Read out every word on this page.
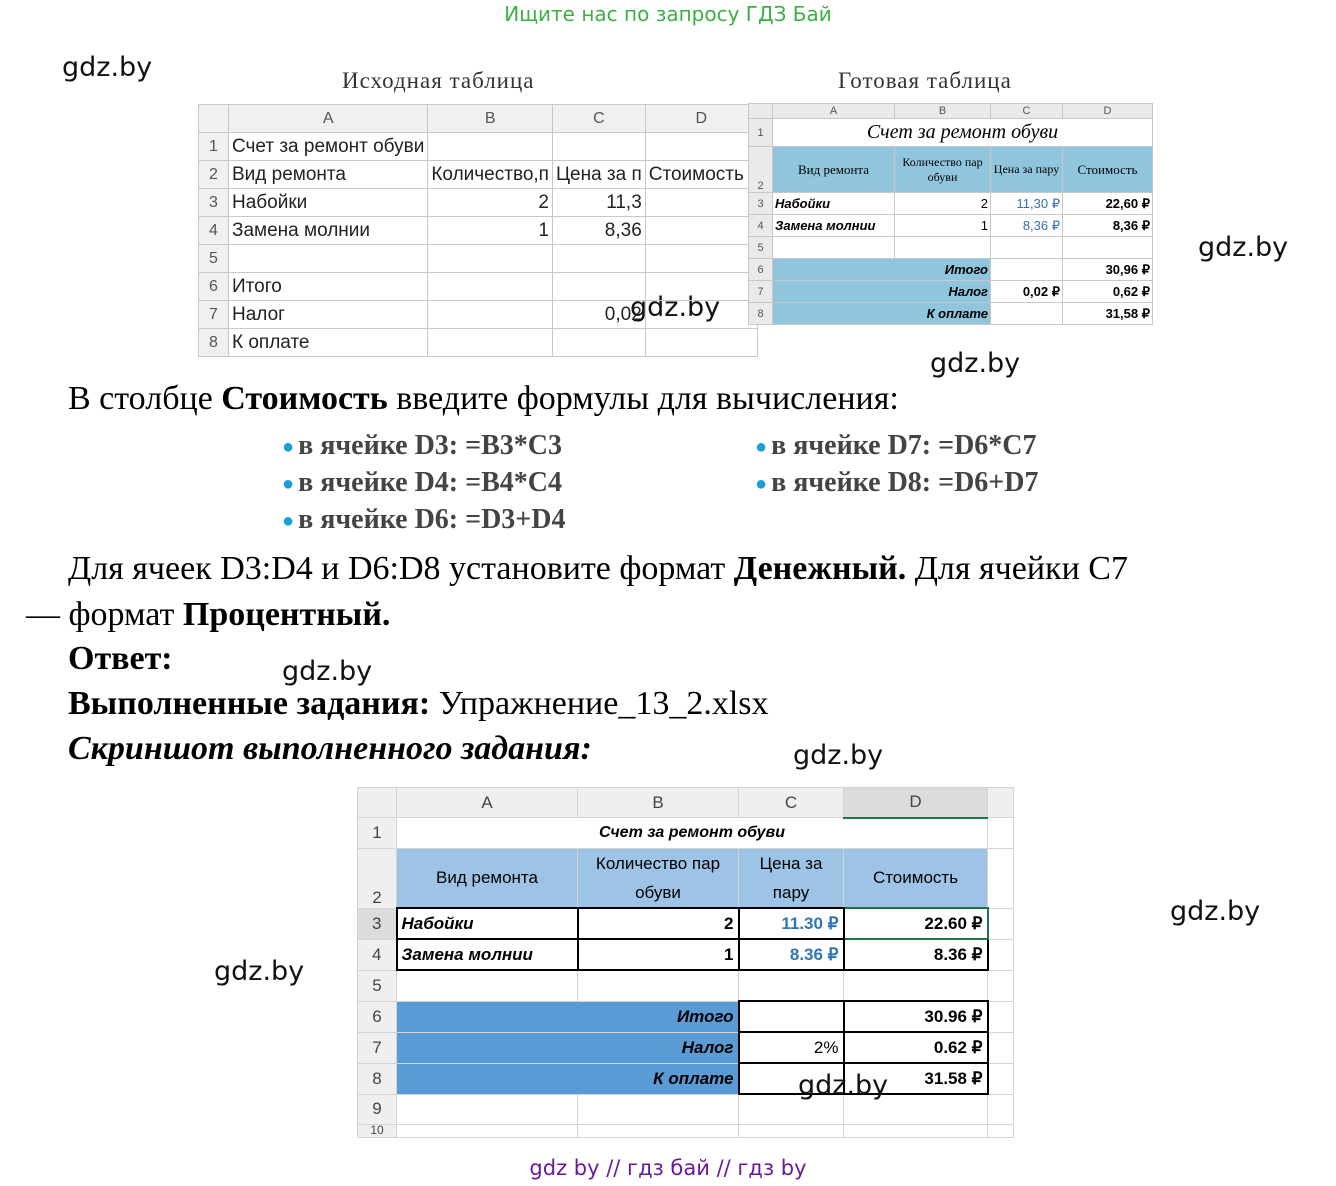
Ищите нас по запросу ГДЗ Бай
gdz.by
gdz.by
gdz.by
gdz.by
Исходная таблица	Готовая таблица
	A	B	C	D
1	Счет за ремонт обуви			
2	Вид ремонта	Количество,п	Цена за п	Стоимость
3	Набойки	2	11,3	
4	Замена молнии	1	8,36	
5				
6	Итого			
7	Налог		0,02	
8	К оплате			
	A	B	C	D
1	Счет за ремонт обуви			
2	Вид ремонта	Количество пар обуви	Цена за пару	Стоимость
3	Набойки	2	11,30 ₽	22,60 ₽
4	Замена молнии	1	8,36 ₽	8,36 ₽
5				
6	Итого			30,96 ₽
7	Налог		0,02 ₽	0,62 ₽
8	К оплате			31,58 ₽
В столбце Стоимость введите формулы для вычисления:
● в ячейке D3: =B3*C3
● в ячейке D4: =B4*C4
● в ячейке D6: =D3+D4
● в ячейке D7: =D6*C7
● в ячейке D8: =D6+D7
Для ячеек D3:D4 и D6:D8 установите формат Денежный. Для ячейки C7
— формат Процентный.
Ответ:	gdz.by
Выполненные задания: Упражнение_13_2.xlsx
Скриншот выполненного задания:	gdz.by
	A	B	C	D	
1	Счет за ремонт обуви				
2	Вид ремонта	Количество пар обуви	Цена за пару	Стоимость	
3	Набойки	2	11.30 ₽	22.60 ₽	
4	Замена молнии	1	8.36 ₽	8.36 ₽	
5					
6	Итого			30.96 ₽	
7	Налог		2%	0.62 ₽	
8	К оплате			31.58 ₽	
9					
10					
gdz.by
gdz.by
gdz.by
gdz by // гдз бай // гдз by
